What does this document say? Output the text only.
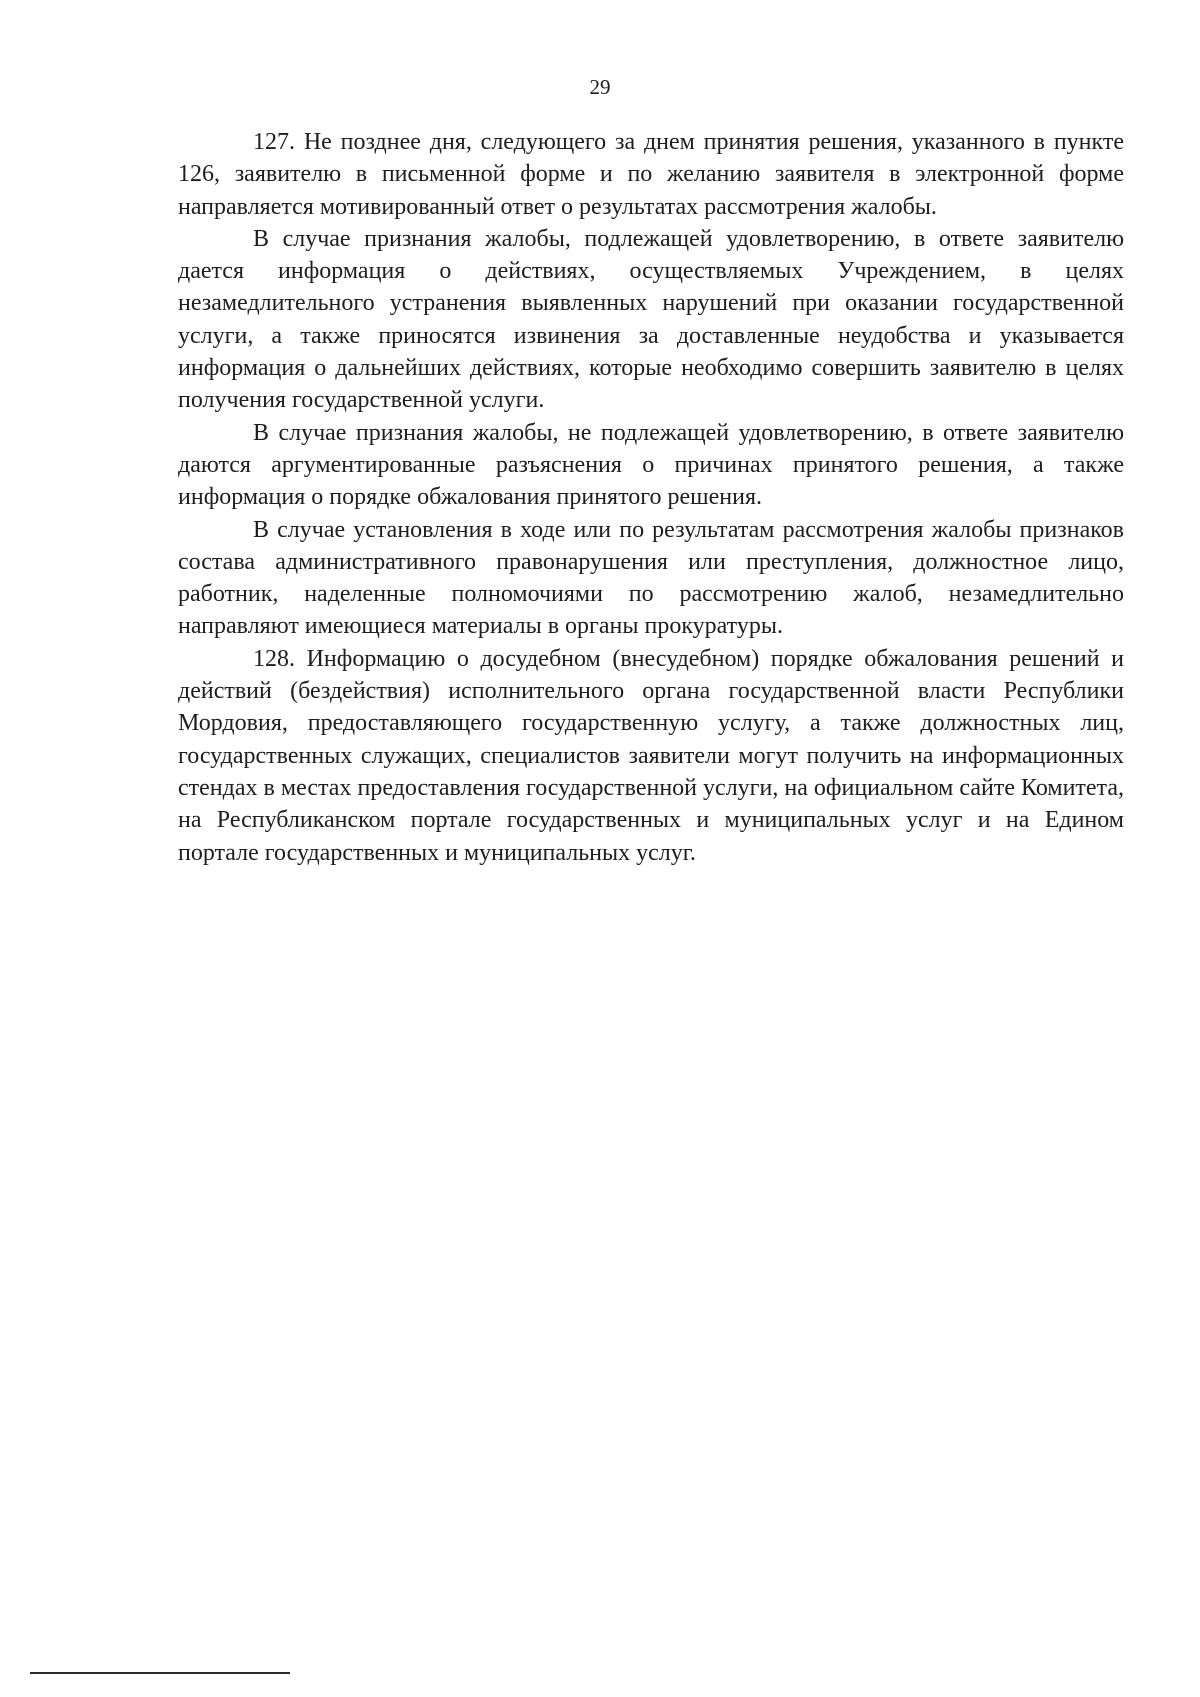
29

127. Не позднее дня, следующего за днем принятия решения, указанного в пункте 126, заявителю в письменной форме и по желанию заявителя в электронной форме направляется мотивированный ответ о результатах рассмотрения жалобы.

В случае признания жалобы, подлежащей удовлетворению, в ответе заявителю дается информация о действиях, осуществляемых Учреждением, в целях незамедлительного устранения выявленных нарушений при оказании государственной услуги, а также приносятся извинения за доставленные неудобства и указывается информация о дальнейших действиях, которые необходимо совершить заявителю в целях получения государственной услуги.

В случае признания жалобы, не подлежащей удовлетворению, в ответе заявителю даются аргументированные разъяснения о причинах принятого решения, а также информация о порядке обжалования принятого решения.

В случае установления в ходе или по результатам рассмотрения жалобы признаков состава административного правонарушения или преступления, должностное лицо, работник, наделенные полномочиями по рассмотрению жалоб, незамедлительно направляют имеющиеся материалы в органы прокуратуры.

128. Информацию о досудебном (внесудебном) порядке обжалования решений и действий (бездействия) исполнительного органа государственной власти Республики Мордовия, предоставляющего государственную услугу, а также должностных лиц, государственных служащих, специалистов заявители могут получить на информационных стендах в местах предоставления государственной услуги, на официальном сайте Комитета, на Республиканском портале государственных и муниципальных услуг и на Едином портале государственных и муниципальных услуг.
